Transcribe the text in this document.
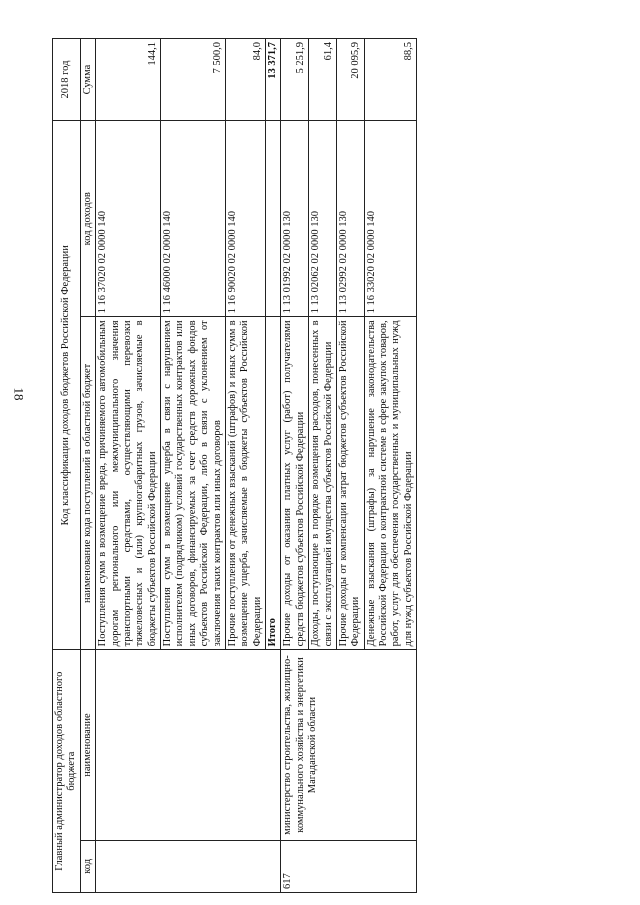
18
Главный администратор доходов областного бюджета		Код классификации доходов бюджетов Российской Федерации		2018 год
код	наименование	наименование кода поступлений в областной бюджет	код доходов	Сумма
		Поступления сумм в возмещение вреда, причиняемого автомобильным дорогам регионального или межмуниципального значения транспортными средствами, осуществляющими перевозки тяжеловесных и (или) крупногабаритных грузов, зачисляемые в бюджеты субъектов Российской Федерации	1 16 37020 02 0000 140	144,1
		Поступления сумм в возмещение ущерба в связи с нарушением исполнителем (подрядчиком) условий государственных контрактов или иных договоров, финансируемых за счет средств дорожных фондов субъектов Российской Федерации, либо в связи с уклонением от заключения таких контрактов или иных договоров	1 16 46000 02 0000 140	7 500,0
		Прочие поступления от денежных взысканий (штрафов) и иных сумм в возмещение ущерба, зачисляемые в бюджеты субъектов Российской Федерации	1 16 90020 02 0000 140	84,0
		Итого		13 371,7
617	министерство строительства, жилищно-коммунального хозяйства и энергетики Магаданской области	Прочие доходы от оказания платных услуг (работ) получателями средств бюджетов субъектов Российской Федерации	1 13 01992 02 0000 130	5 251,9
		Доходы, поступающие в порядке возмещения расходов, понесенных в связи с эксплуатацией имущества субъектов Российской Федерации	1 13 02062 02 0000 130	61,4
		Прочие доходы от компенсации затрат бюджетов субъектов Российской Федерации	1 13 02992 02 0000 130	20 095,9
		Денежные взыскания (штрафы) за нарушение законодательства Российской Федерации о контрактной системе в сфере закупок товаров, работ, услуг для обеспечения государственных и муниципальных нужд для нужд субъектов Российской Федерации	1 16 33020 02 0000 140	88,5
